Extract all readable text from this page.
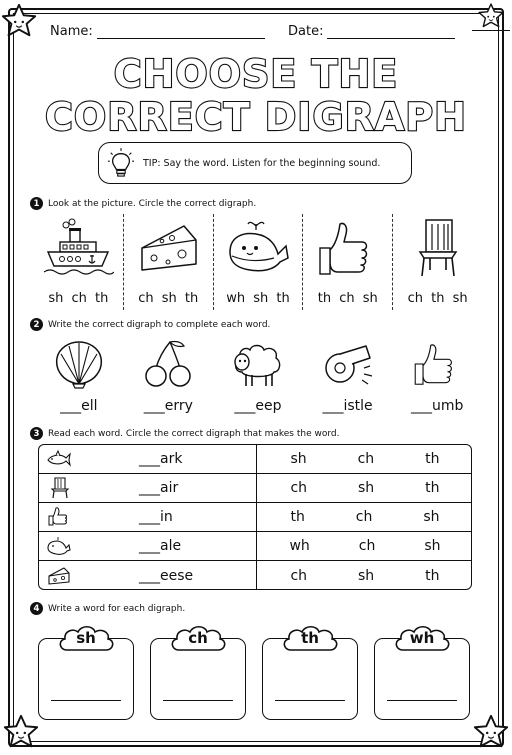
Name:	Date:
CHOOSE THE
CORRECT DIGRAPH
TIP: Say the word. Listen for the beginning sound.
1 Look at the picture. Circle the correct digraph.
sh ch th ch sh th wh sh th th ch sh ch th sh
2 Write the correct digraph to complete each word.
___ell	___erry	___eep	___istle	___umb
3 Read each word. Circle the correct digraph that makes the word.
___ark	sh	ch	th
___air	ch	sh	th
___in	th	ch	sh
___ale	wh	ch	sh
___eese	ch	sh	th
4 Write a word for each digraph.
sh	ch	th	wh
